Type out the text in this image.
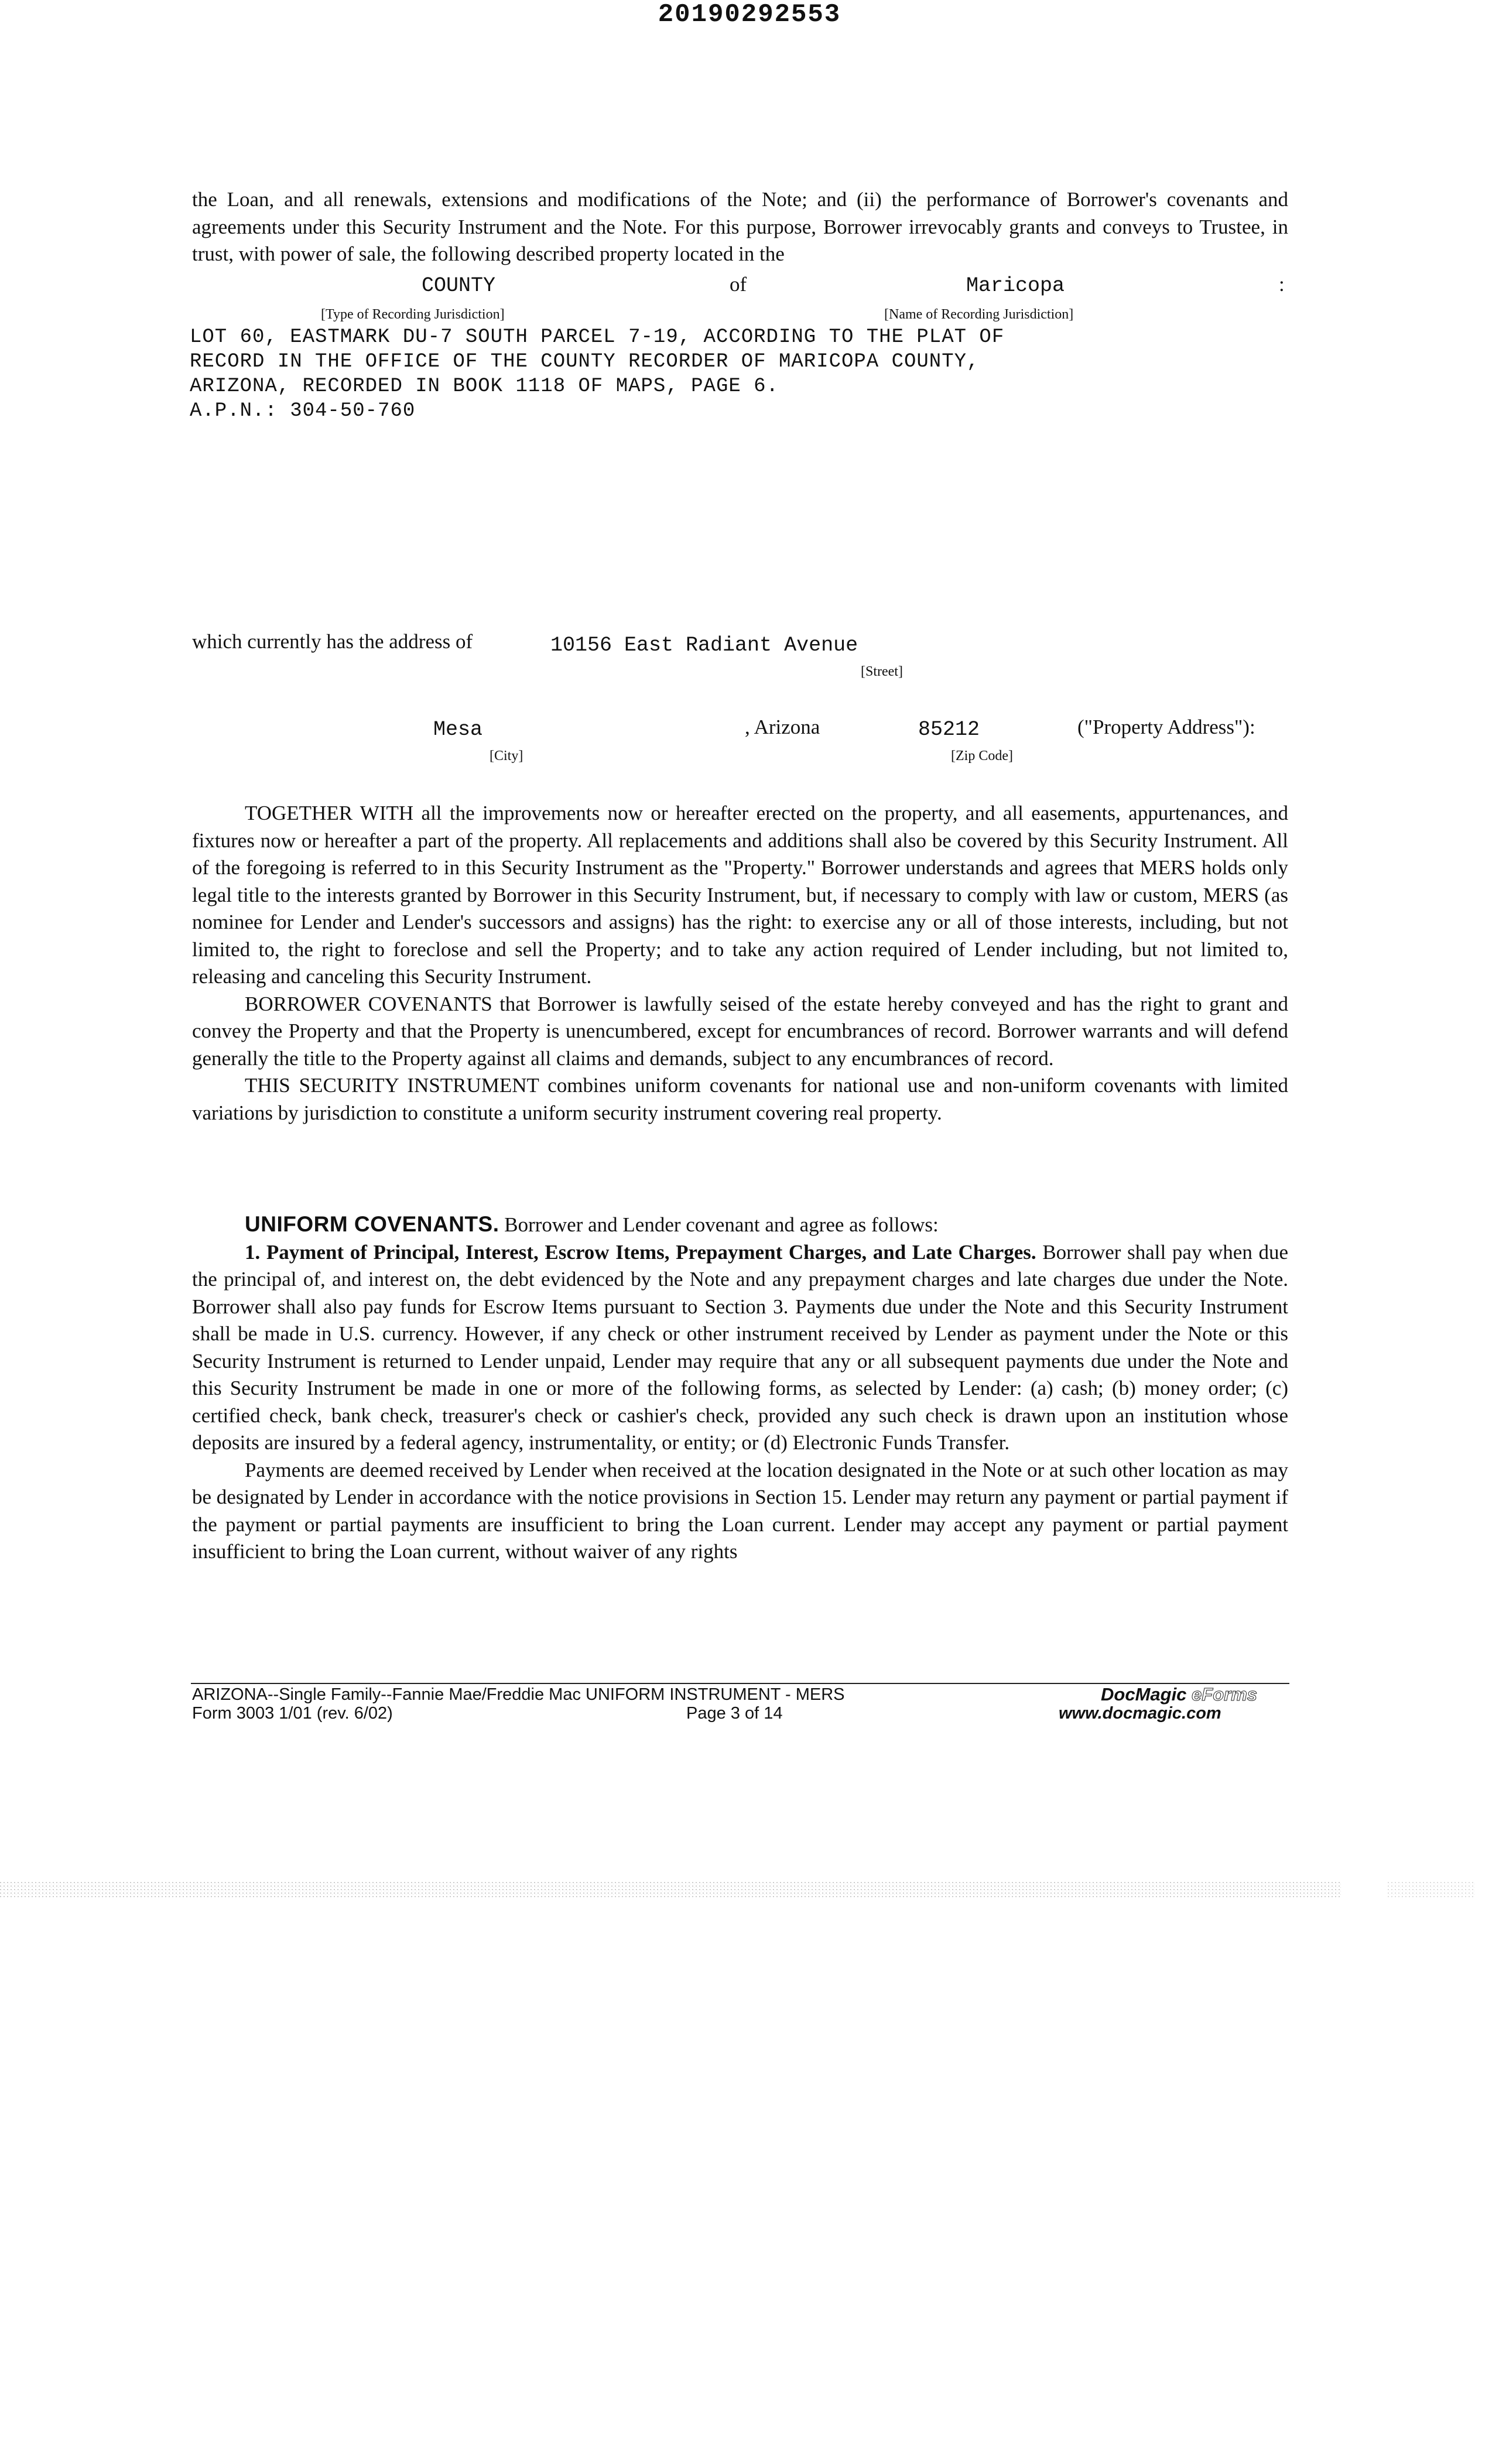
20190292553

the Loan, and all renewals, extensions and modifications of the Note; and (ii) the performance of Borrower's covenants and agreements under this Security Instrument and the Note. For this purpose, Borrower irrevocably grants and conveys to Trustee, in trust, with power of sale, the following described property located in the

COUNTY	of	Maricopa	:
[Type of Recording Jurisdiction]	[Name of Recording Jurisdiction]
LOT 60, EASTMARK DU-7 SOUTH PARCEL 7-19, ACCORDING TO THE PLAT OF
RECORD IN THE OFFICE OF THE COUNTY RECORDER OF MARICOPA COUNTY,
ARIZONA, RECORDED IN BOOK 1118 OF MAPS, PAGE 6.
A.P.N.: 304-50-760
which currently has the address of	10156 East Radiant Avenue
[Street]
Mesa	, Arizona	85212	("Property Address"):
[City]	[Zip Code]

TOGETHER WITH all the improvements now or hereafter erected on the property, and all easements, appurtenances, and fixtures now or hereafter a part of the property. All replacements and additions shall also be covered by this Security Instrument. All of the foregoing is referred to in this Security Instrument as the "Property." Borrower understands and agrees that MERS holds only legal title to the interests granted by Borrower in this Security Instrument, but, if necessary to comply with law or custom, MERS (as nominee for Lender and Lender's successors and assigns) has the right: to exercise any or all of those interests, including, but not limited to, the right to foreclose and sell the Property; and to take any action required of Lender including, but not limited to, releasing and canceling this Security Instrument.

BORROWER COVENANTS that Borrower is lawfully seised of the estate hereby conveyed and has the right to grant and convey the Property and that the Property is unencumbered, except for encumbrances of record. Borrower warrants and will defend generally the title to the Property against all claims and demands, subject to any encumbrances of record.

THIS SECURITY INSTRUMENT combines uniform covenants for national use and non-uniform covenants with limited variations by jurisdiction to constitute a uniform security instrument covering real property.

UNIFORM COVENANTS. Borrower and Lender covenant and agree as follows:

1. Payment of Principal, Interest, Escrow Items, Prepayment Charges, and Late Charges. Borrower shall pay when due the principal of, and interest on, the debt evidenced by the Note and any prepayment charges and late charges due under the Note. Borrower shall also pay funds for Escrow Items pursuant to Section 3. Payments due under the Note and this Security Instrument shall be made in U.S. currency. However, if any check or other instrument received by Lender as payment under the Note or this Security Instrument is returned to Lender unpaid, Lender may require that any or all subsequent payments due under the Note and this Security Instrument be made in one or more of the following forms, as selected by Lender: (a) cash; (b) money order; (c) certified check, bank check, treasurer's check or cashier's check, provided any such check is drawn upon an institution whose deposits are insured by a federal agency, instrumentality, or entity; or (d) Electronic Funds Transfer.

Payments are deemed received by Lender when received at the location designated in the Note or at such other location as may be designated by Lender in accordance with the notice provisions in Section 15. Lender may return any payment or partial payment if the payment or partial payments are insufficient to bring the Loan current. Lender may accept any payment or partial payment insufficient to bring the Loan current, without waiver of any rights

ARIZONA--Single Family--Fannie Mae/Freddie Mac UNIFORM INSTRUMENT - MERS
Form 3003 1/01 (rev. 6/02)	Page 3 of 14
DocMagic eForms
www.docmagic.com
